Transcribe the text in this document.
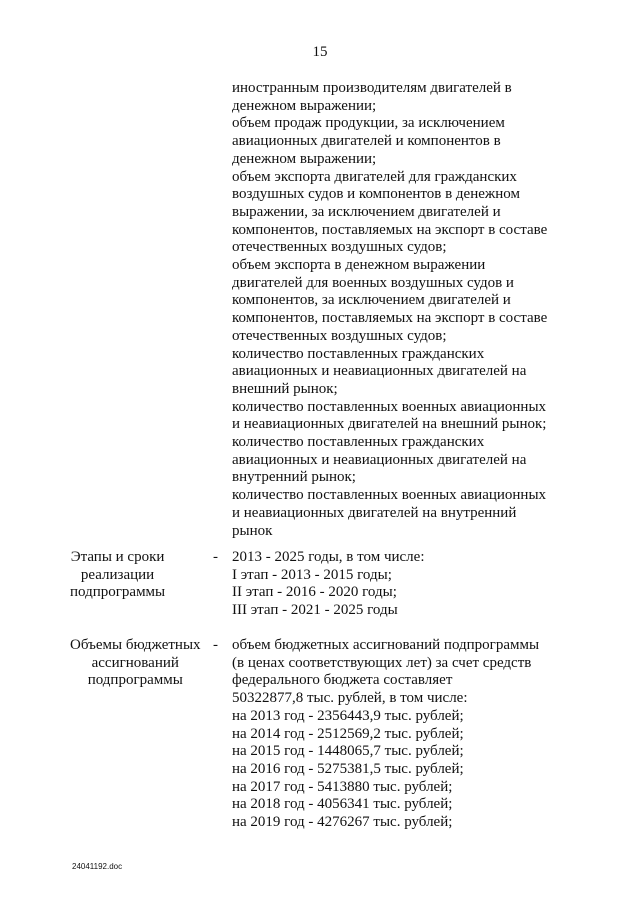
15
иностранным производителям двигателей в
денежном выражении;
объем продаж продукции, за исключением
авиационных двигателей и компонентов в
денежном выражении;
объем экспорта двигателей для гражданских
воздушных судов и компонентов в денежном
выражении, за исключением двигателей и
компонентов, поставляемых на экспорт в составе
отечественных воздушных судов;
объем экспорта в денежном выражении
двигателей для военных воздушных судов и
компонентов, за исключением двигателей и
компонентов, поставляемых на экспорт в составе
отечественных воздушных судов;
количество поставленных гражданских
авиационных и неавиационных двигателей на
внешний рынок;
количество поставленных военных авиационных
и неавиационных двигателей на внешний рынок;
количество поставленных гражданских
авиационных и неавиационных двигателей на
внутренний рынок;
количество поставленных военных авиационных
и неавиационных двигателей на внутренний
рынок
Этапы и сроки
реализации
подпрограммы
- 2013 - 2025 годы, в том числе:
I этап - 2013 - 2015 годы;
II этап - 2016 - 2020 годы;
III этап - 2021 - 2025 годы
Объемы бюджетных
ассигнований
подпрограммы
- объем бюджетных ассигнований подпрограммы
(в ценах соответствующих лет) за счет средств
федерального бюджета составляет
50322877,8 тыс. рублей, в том числе:
на 2013 год - 2356443,9 тыс. рублей;
на 2014 год - 2512569,2 тыс. рублей;
на 2015 год - 1448065,7 тыс. рублей;
на 2016 год - 5275381,5 тыс. рублей;
на 2017 год - 5413880 тыс. рублей;
на 2018 год - 4056341 тыс. рублей;
на 2019 год - 4276267 тыс. рублей;
24041192.doc
